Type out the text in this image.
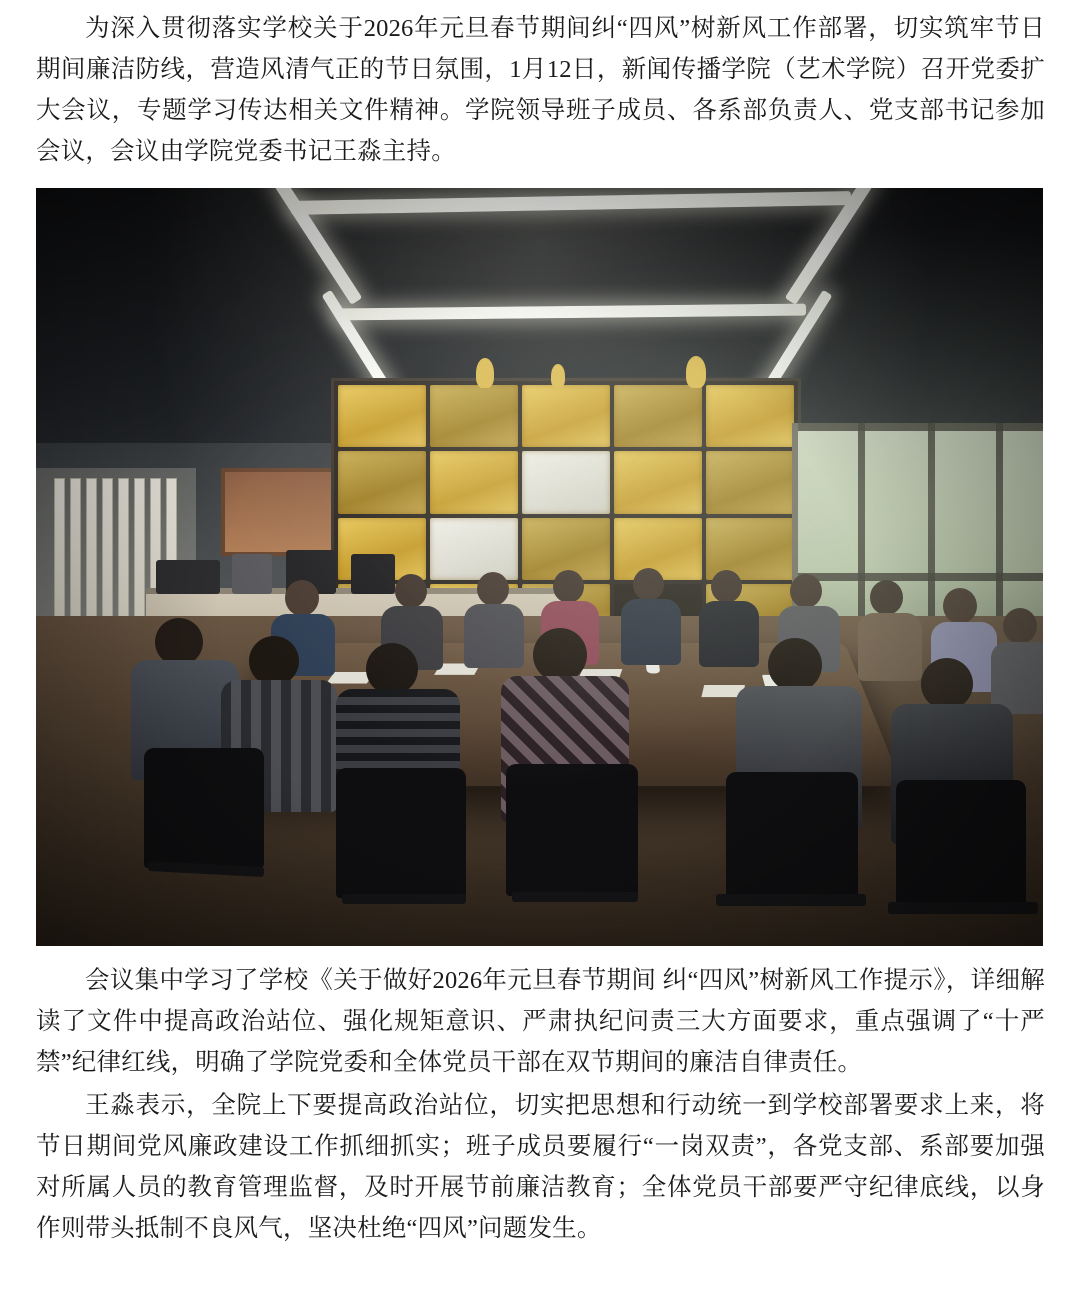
为深入贯彻落实学校关于2026年元旦春节期间纠“四风”树新风工作部署，切实筑牢节日期间廉洁防线，营造风清气正的节日氛围，1月12日，新闻传播学院（艺术学院）召开党委扩大会议，专题学习传达相关文件精神。学院领导班子成员、各系部负责人、党支部书记参加会议，会议由学院党委书记王淼主持。

会议集中学习了学校《关于做好2026年元旦春节期间 纠“四风”树新风工作提示》，详细解读了文件中提高政治站位、强化规矩意识、严肃执纪问责三大方面要求，重点强调了“十严禁”纪律红线，明确了学院党委和全体党员干部在双节期间的廉洁自律责任。

王淼表示，全院上下要提高政治站位，切实把思想和行动统一到学校部署要求上来，将节日期间党风廉政建设工作抓细抓实；班子成员要履行“一岗双责”，各党支部、系部要加强对所属人员的教育管理监督，及时开展节前廉洁教育；全体党员干部要严守纪律底线，以身作则带头抵制不良风气，坚决杜绝“四风”问题发生。
